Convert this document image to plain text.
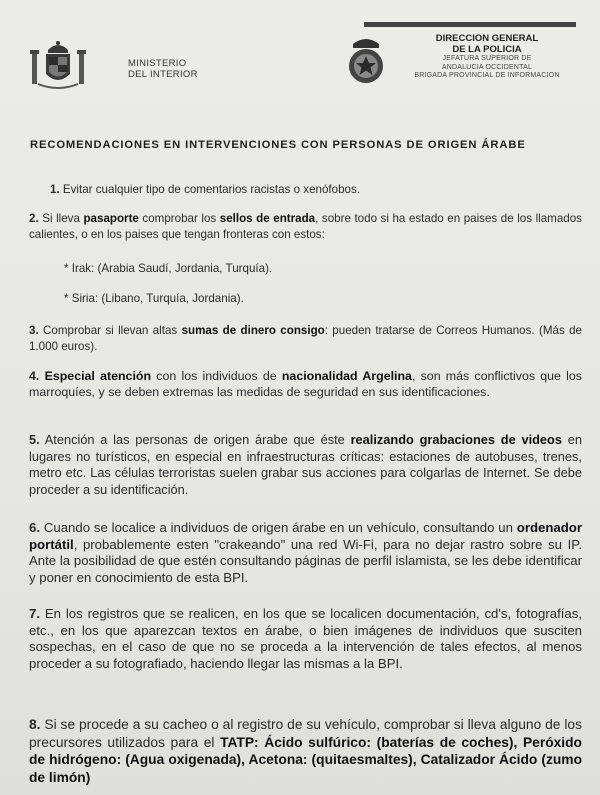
MINISTERIO
DEL INTERIOR
DIRECCION GENERAL
DE LA POLICIA
JEFATURA SUPERIOR DE
ANDALUCIA OCCIDENTAL
BRIGADA PROVINCIAL DE INFORMACION
RECOMENDACIONES EN INTERVENCIONES CON PERSONAS DE ORIGEN ÁRABE
1. Evitar cualquier tipo de comentarios racistas o xenófobos.
2. Si lleva pasaporte comprobar los sellos de entrada, sobre todo si ha estado en paises de los llamados calientes, o en los paises que tengan fronteras con estos:
* Irak: (Arabia Saudí, Jordania, Turquía).
* Siria: (Libano, Turquía, Jordania).
3. Comprobar si llevan altas sumas de dinero consigo: pueden tratarse de Correos Humanos. (Más de 1.000 euros).
4. Especial atención con los individuos de nacionalidad Argelina, son más conflictivos que los marroquíes, y se deben extremas las medidas de seguridad en sus identificaciones.
5. Atención a las personas de origen árabe que éste realizando grabaciones de videos en lugares no turísticos, en especial en infraestructuras críticas: estaciones de autobuses, trenes, metro etc. Las células terroristas suelen grabar sus acciones para colgarlas de Internet. Se debe proceder a su identificación.
6. Cuando se localice a individuos de origen árabe en un vehículo, consultando un ordenador portátil, probablemente esten "crakeando" una red Wi-Fi, para no dejar rastro sobre su IP. Ante la posibilidad de que estén consultando páginas de perfil islamista, se les debe identificar y poner en conocimiento de esta BPI.
7. En los registros que se realicen, en los que se localicen documentación, cd's, fotografías, etc., en los que aparezcan textos en árabe, o bien imágenes de individuos que susciten sospechas, en el caso de que no se proceda a la intervención de tales efectos, al menos proceder a su fotografiado, haciendo llegar las mismas a la BPI.
8. Si se procede a su cacheo o al registro de su vehículo, comprobar si lleva alguno de los precursores utilizados para el TATP: Ácido sulfúrico: (baterías de coches), Peróxido de hidrógeno: (Agua oxigenada), Acetona: (quitaesmaltes), Catalizador Ácido (zumo de limón)
